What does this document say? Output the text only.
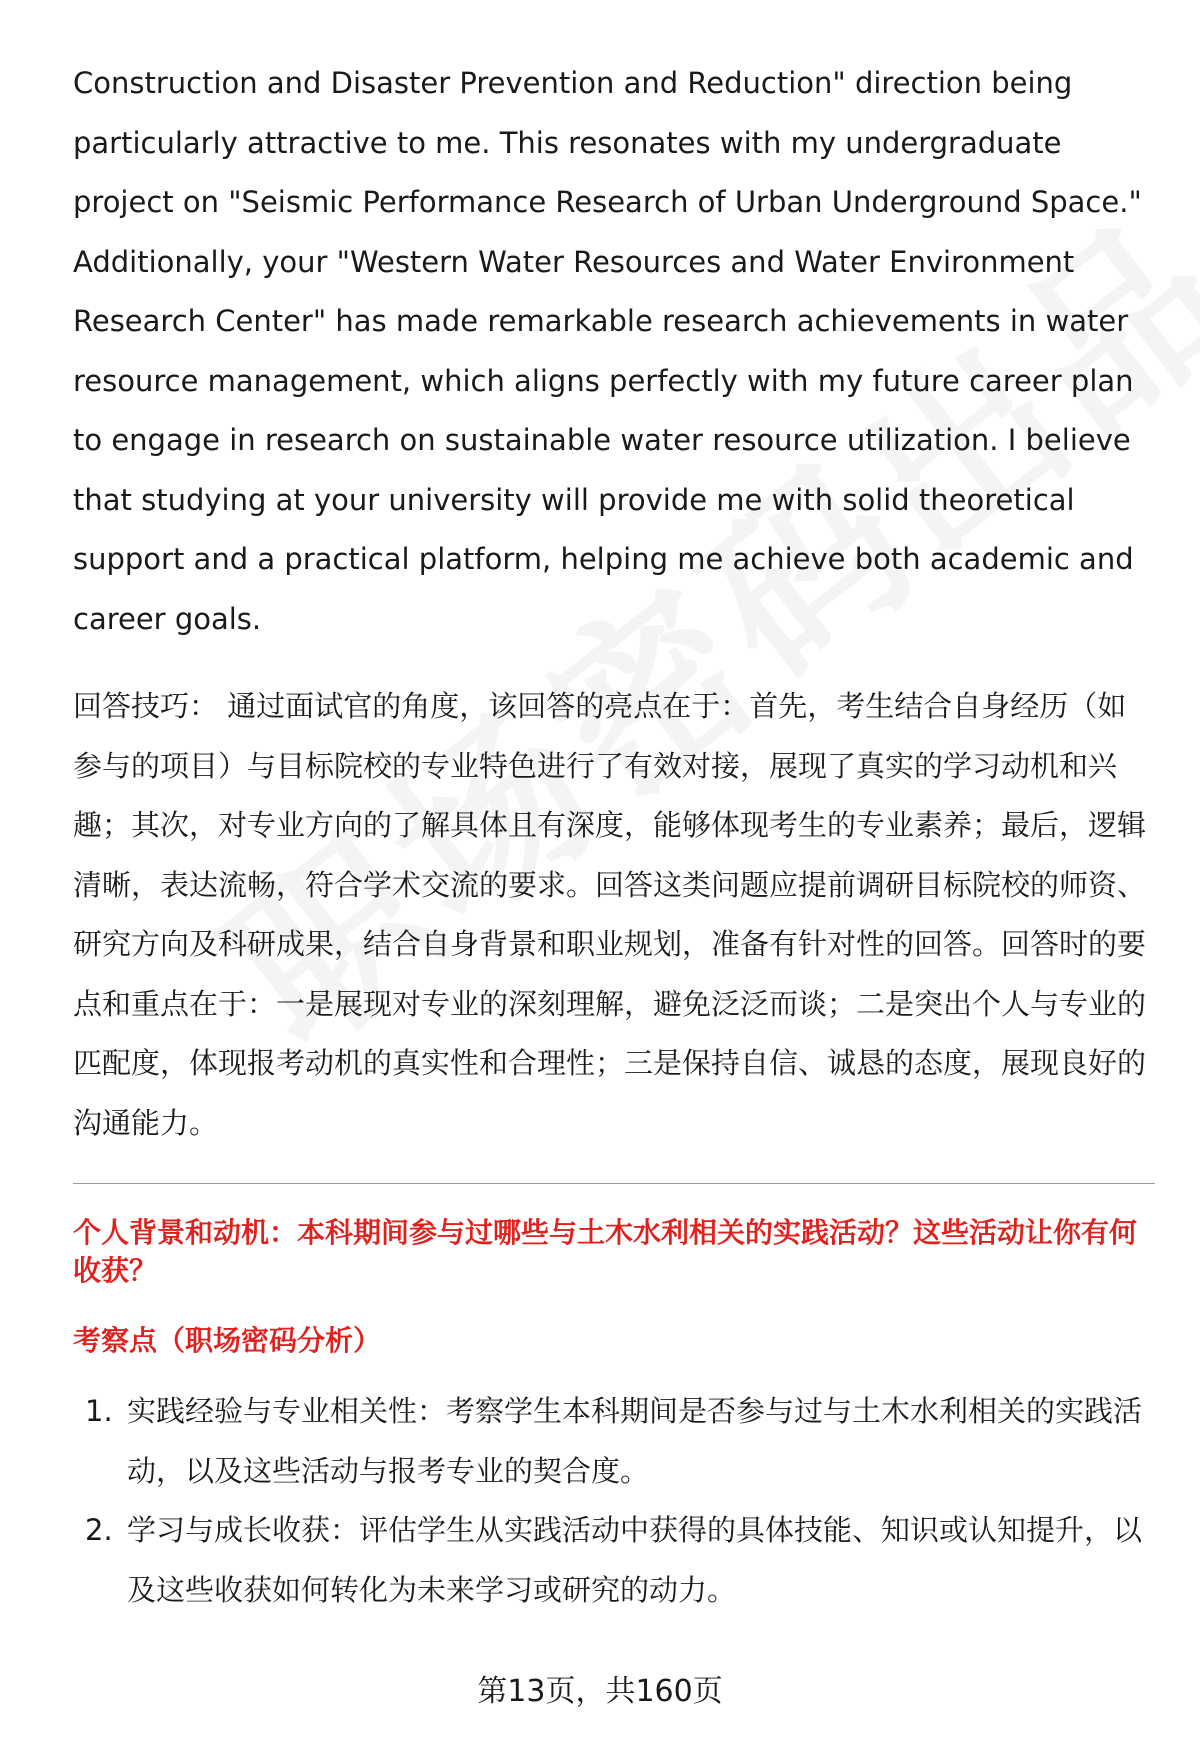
Construction and Disaster Prevention and Reduction" direction being particularly attractive to me. This resonates with my undergraduate project on "Seismic Performance Research of Urban Underground Space." Additionally, your "Western Water Resources and Water Environment Research Center" has made remarkable research achievements in water resource management, which aligns perfectly with my future career plan to engage in research on sustainable water resource utilization. I believe that studying at your university will provide me with solid theoretical support and a practical platform, helping me achieve both academic and career goals.

回答技巧： 通过面试官的角度，该回答的亮点在于：首先，考生结合自身经历（如参与的项目）与目标院校的专业特色进行了有效对接，展现了真实的学习动机和兴趣；其次，对专业方向的了解具体且有深度，能够体现考生的专业素养；最后，逻辑清晰，表达流畅，符合学术交流的要求。回答这类问题应提前调研目标院校的师资、研究方向及科研成果，结合自身背景和职业规划，准备有针对性的回答。回答时的要点和重点在于：一是展现对专业的深刻理解，避免泛泛而谈；二是突出个人与专业的匹配度，体现报考动机的真实性和合理性；三是保持自信、诚恳的态度，展现良好的沟通能力。

个人背景和动机：本科期间参与过哪些与土木水利相关的实践活动？这些活动让你有何收获？

考察点（职场密码分析）

1. 实践经验与专业相关性：考察学生本科期间是否参与过与土木水利相关的实践活动，以及这些活动与报考专业的契合度。
2. 学习与成长收获：评估学生从实践活动中获得的具体技能、知识或认知提升，以及这些收获如何转化为未来学习或研究的动力。
第13页，共160页
